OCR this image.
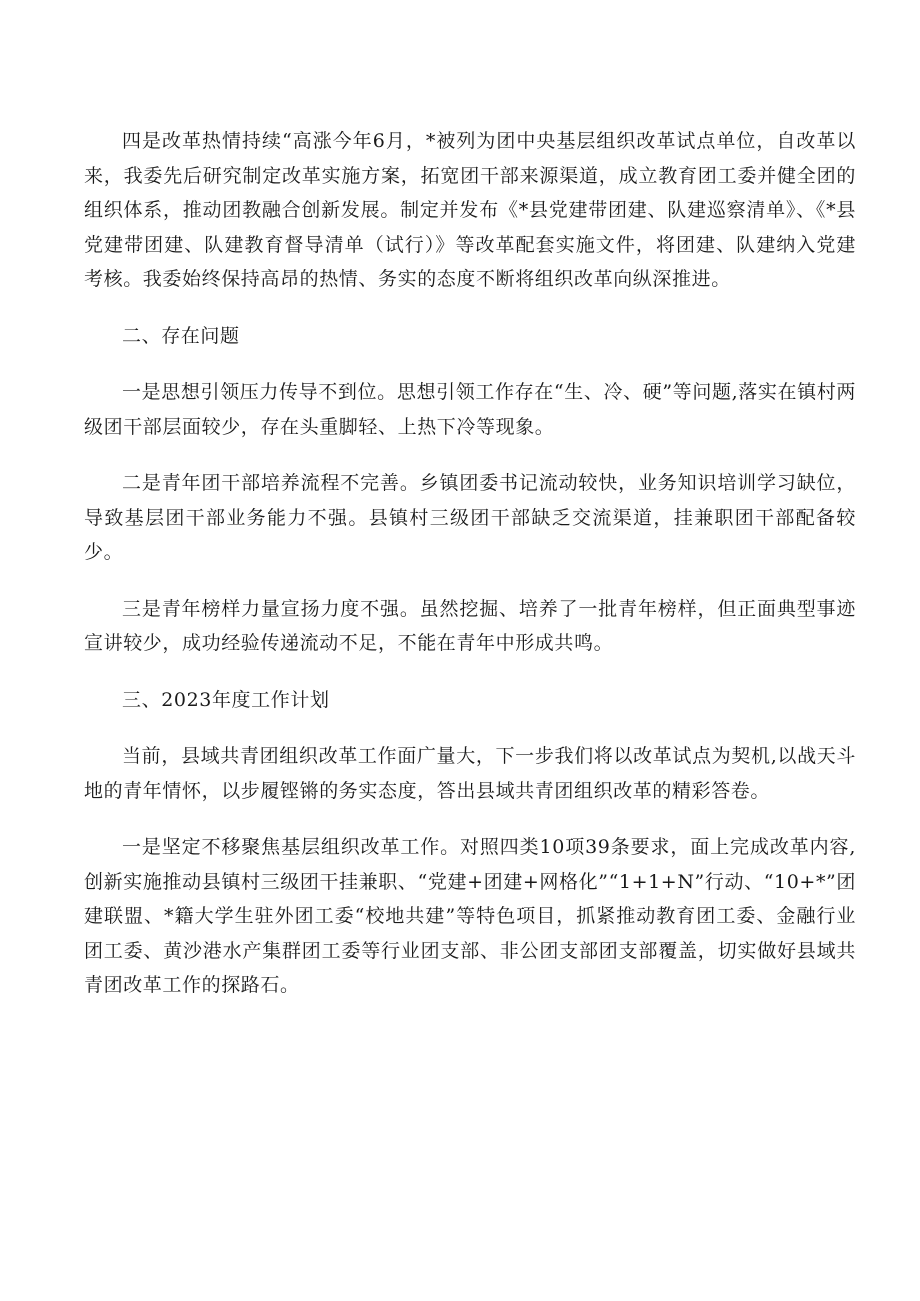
四是改革热情持续“高涨今年6月，*被列为团中央基层组织改革试点单位，自改革以来，我委先后研究制定改革实施方案，拓宽团干部来源渠道，成立教育团工委并健全团的组织体系，推动团教融合创新发展。制定并发布《*县党建带团建、队建巡察清单》、《*县党建带团建、队建教育督导清单（试行）》等改革配套实施文件，将团建、队建纳入党建考核。我委始终保持高昂的热情、务实的态度不断将组织改革向纵深推进。

二、存在问题

一是思想引领压力传导不到位。思想引领工作存在“生、冷、硬”等问题,落实在镇村两级团干部层面较少，存在头重脚轻、上热下冷等现象。

二是青年团干部培养流程不完善。乡镇团委书记流动较快，业务知识培训学习缺位，导致基层团干部业务能力不强。县镇村三级团干部缺乏交流渠道，挂兼职团干部配备较少。

三是青年榜样力量宣扬力度不强。虽然挖掘、培养了一批青年榜样，但正面典型事迹宣讲较少，成功经验传递流动不足，不能在青年中形成共鸣。

三、2023年度工作计划

当前，县域共青团组织改革工作面广量大，下一步我们将以改革试点为契机,以战天斗地的青年情怀，以步履铿锵的务实态度，答出县域共青团组织改革的精彩答卷。

一是坚定不移聚焦基层组织改革工作。对照四类10项39条要求，面上完成改革内容,创新实施推动县镇村三级团干挂兼职、“党建+团建+网格化”“1+1+N”行动、“10+*”团建联盟、*籍大学生驻外团工委“校地共建”等特色项目，抓紧推动教育团工委、金融行业团工委、黄沙港水产集群团工委等行业团支部、非公团支部团支部覆盖，切实做好县域共青团改革工作的探路石。
